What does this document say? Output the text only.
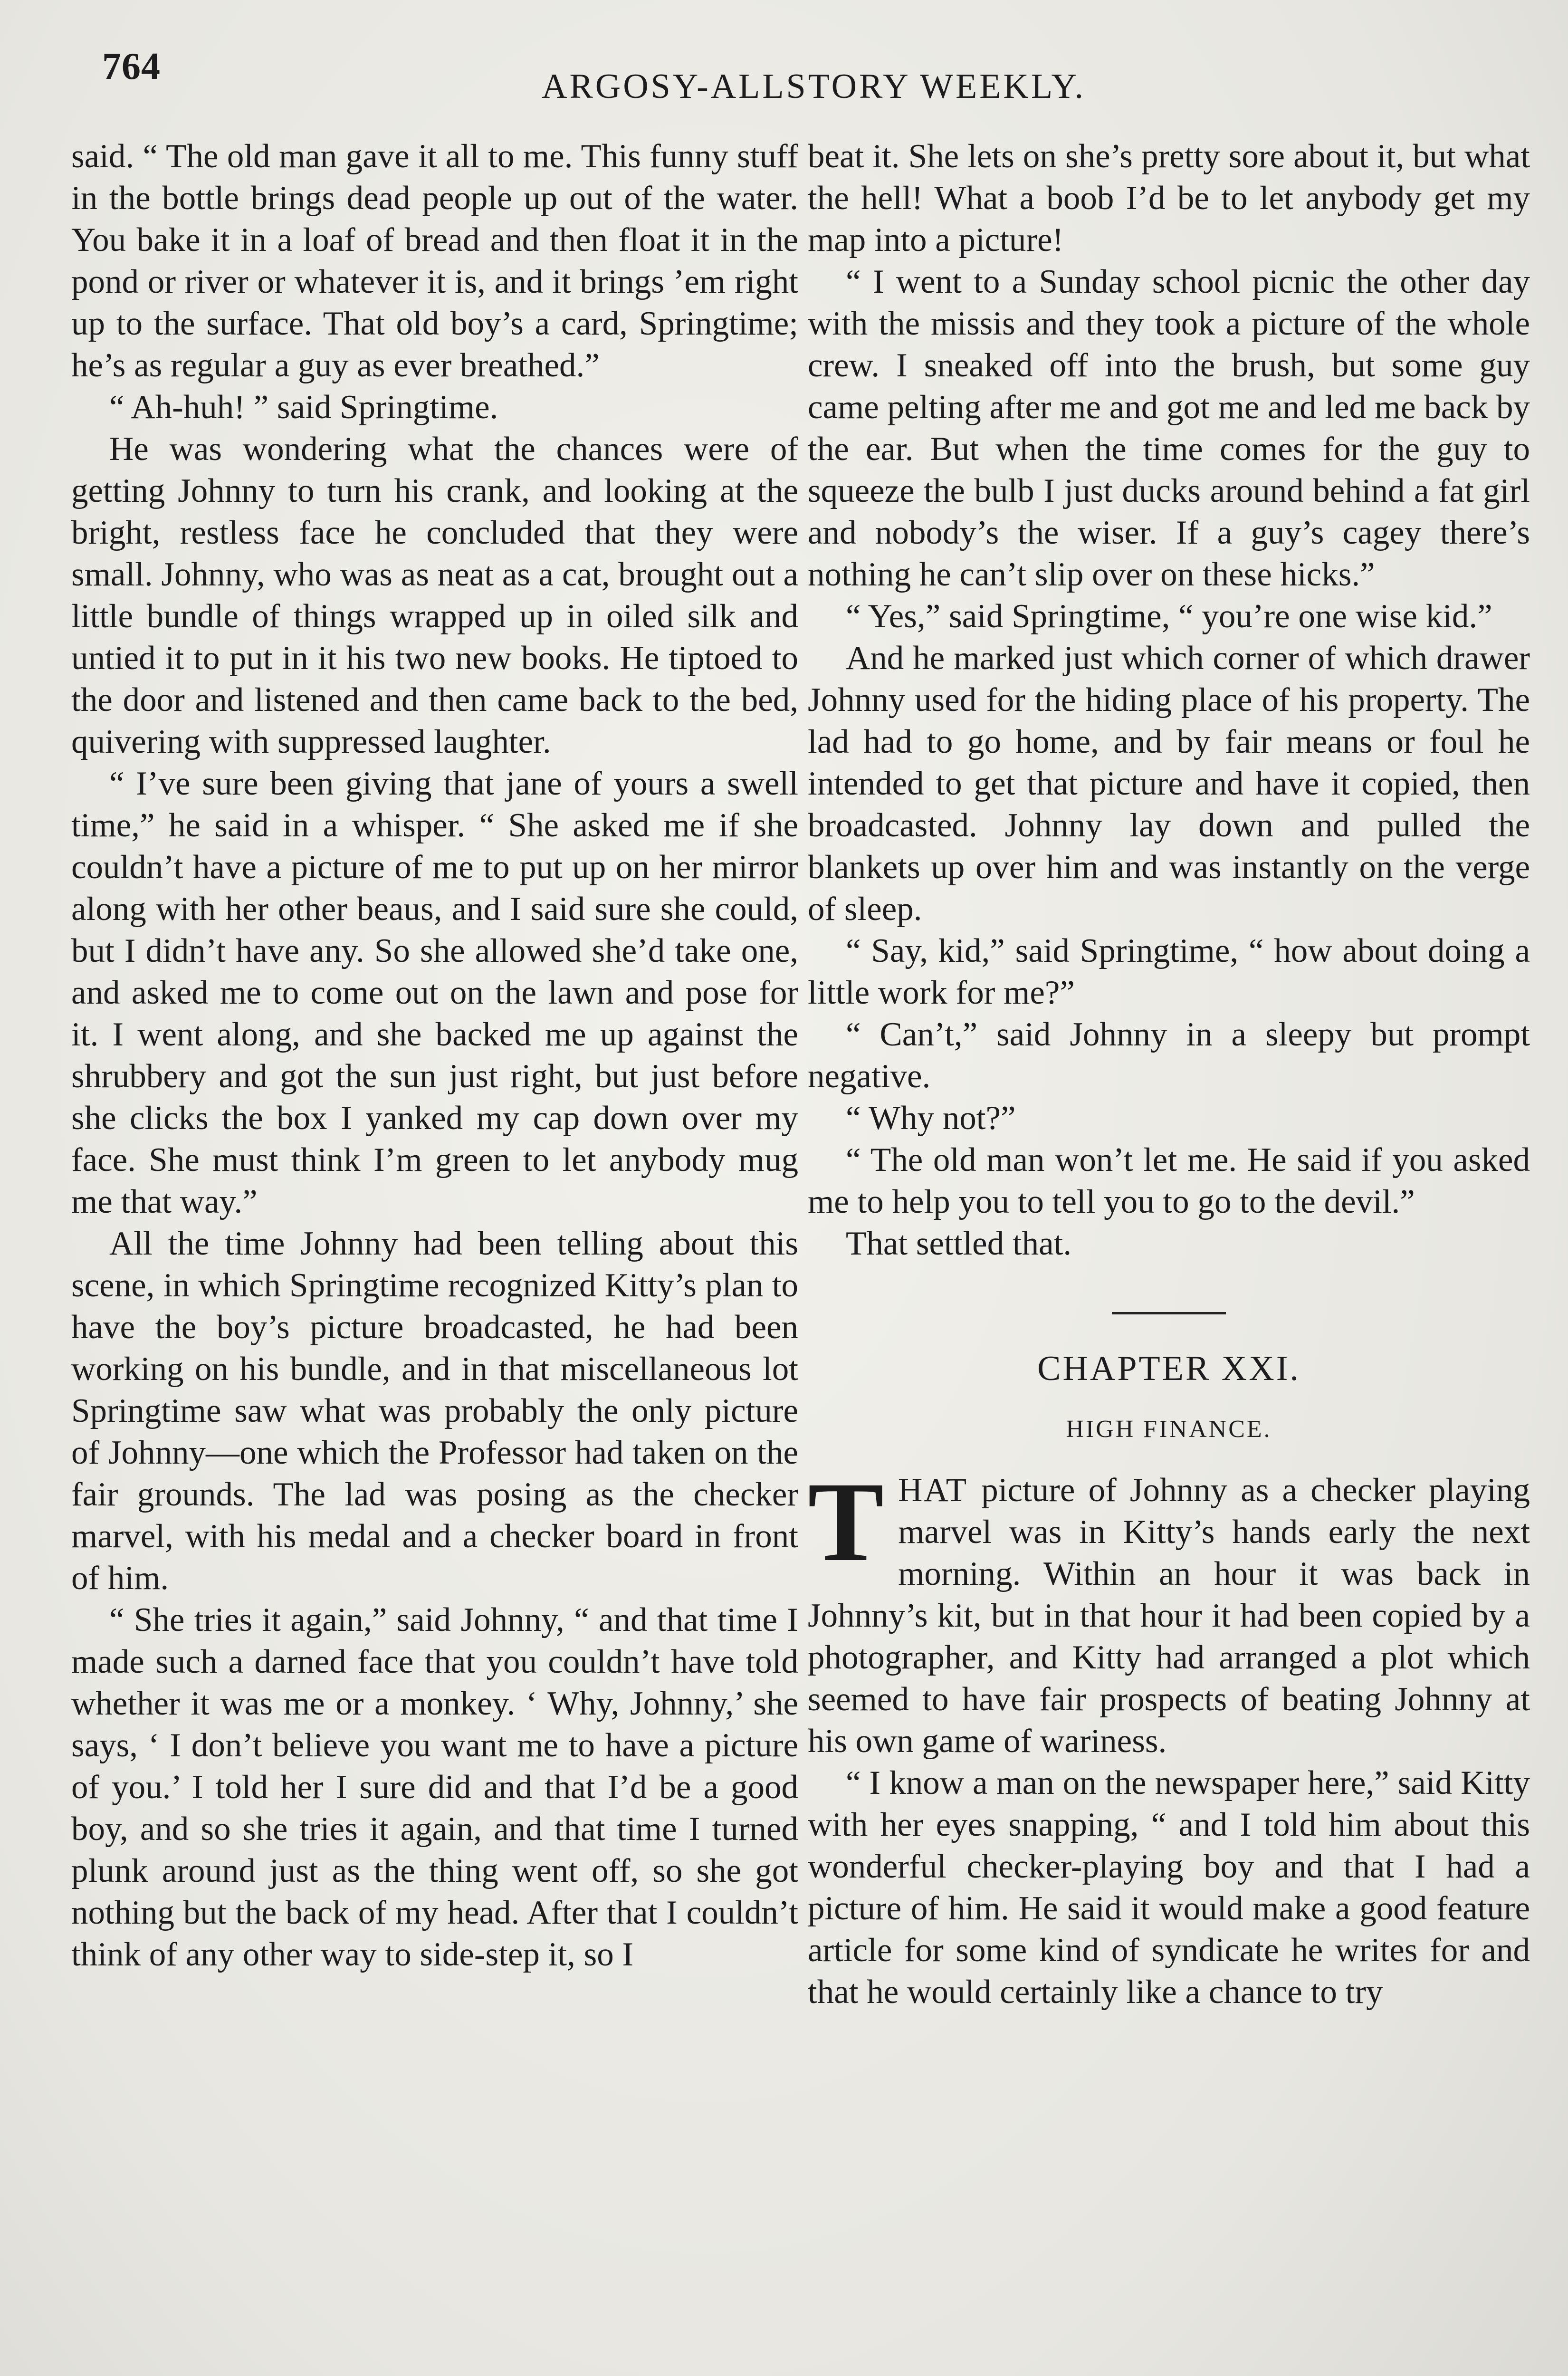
764	ARGOSY-ALLSTORY WEEKLY.

said. “ The old man gave it all to me. This funny stuff in the bottle brings dead people up out of the water. You bake it in a loaf of bread and then float it in the pond or river or whatever it is, and it brings ’em right up to the surface. That old boy’s a card, Springtime; he’s as regular a guy as ever breathed.”

“ Ah-huh! ” said Springtime.

He was wondering what the chances were of getting Johnny to turn his crank, and looking at the bright, restless face he concluded that they were small. Johnny, who was as neat as a cat, brought out a little bundle of things wrapped up in oiled silk and untied it to put in it his two new books. He tiptoed to the door and listened and then came back to the bed, quivering with suppressed laughter.

“ I’ve sure been giving that jane of yours a swell time,” he said in a whisper. “ She asked me if she couldn’t have a picture of me to put up on her mirror along with her other beaus, and I said sure she could, but I didn’t have any. So she allowed she’d take one, and asked me to come out on the lawn and pose for it. I went along, and she backed me up against the shrubbery and got the sun just right, but just before she clicks the box I yanked my cap down over my face. She must think I’m green to let anybody mug me that way.”

All the time Johnny had been telling about this scene, in which Springtime recognized Kitty’s plan to have the boy’s picture broadcasted, he had been working on his bundle, and in that miscellaneous lot Springtime saw what was probably the only picture of Johnny—one which the Professor had taken on the fair grounds. The lad was posing as the checker marvel, with his medal and a checker board in front of him.

“ She tries it again,” said Johnny, “ and that time I made such a darned face that you couldn’t have told whether it was me or a monkey. ‘ Why, Johnny,’ she says, ‘ I don’t believe you want me to have a picture of you.’ I told her I sure did and that I’d be a good boy, and so she tries it again, and that time I turned plunk around just as the thing went off, so she got nothing but the back of my head. After that I couldn’t think of any other way to side-step it, so I

beat it. She lets on she’s pretty sore about it, but what the hell! What a boob I’d be to let anybody get my map into a picture!

“ I went to a Sunday school picnic the other day with the missis and they took a picture of the whole crew. I sneaked off into the brush, but some guy came pelting after me and got me and led me back by the ear. But when the time comes for the guy to squeeze the bulb I just ducks around behind a fat girl and nobody’s the wiser. If a guy’s cagey there’s nothing he can’t slip over on these hicks.”

“ Yes,” said Springtime, “ you’re one wise kid.”

And he marked just which corner of which drawer Johnny used for the hiding place of his property. The lad had to go home, and by fair means or foul he intended to get that picture and have it copied, then broadcasted. Johnny lay down and pulled the blankets up over him and was instantly on the verge of sleep.

“ Say, kid,” said Springtime, “ how about doing a little work for me?”

“ Can’t,” said Johnny in a sleepy but prompt negative.

“ Why not?”

“ The old man won’t let me. He said if you asked me to help you to tell you to go to the devil.”

That settled that.

CHAPTER XXI.
HIGH FINANCE.

THAT picture of Johnny as a checker playing marvel was in Kitty’s hands early the next morning. Within an hour it was back in Johnny’s kit, but in that hour it had been copied by a photographer, and Kitty had arranged a plot which seemed to have fair prospects of beating Johnny at his own game of wariness.

“ I know a man on the newspaper here,” said Kitty with her eyes snapping, “ and I told him about this wonderful checker-playing boy and that I had a picture of him. He said it would make a good feature article for some kind of syndicate he writes for and that he would certainly like a chance to try
